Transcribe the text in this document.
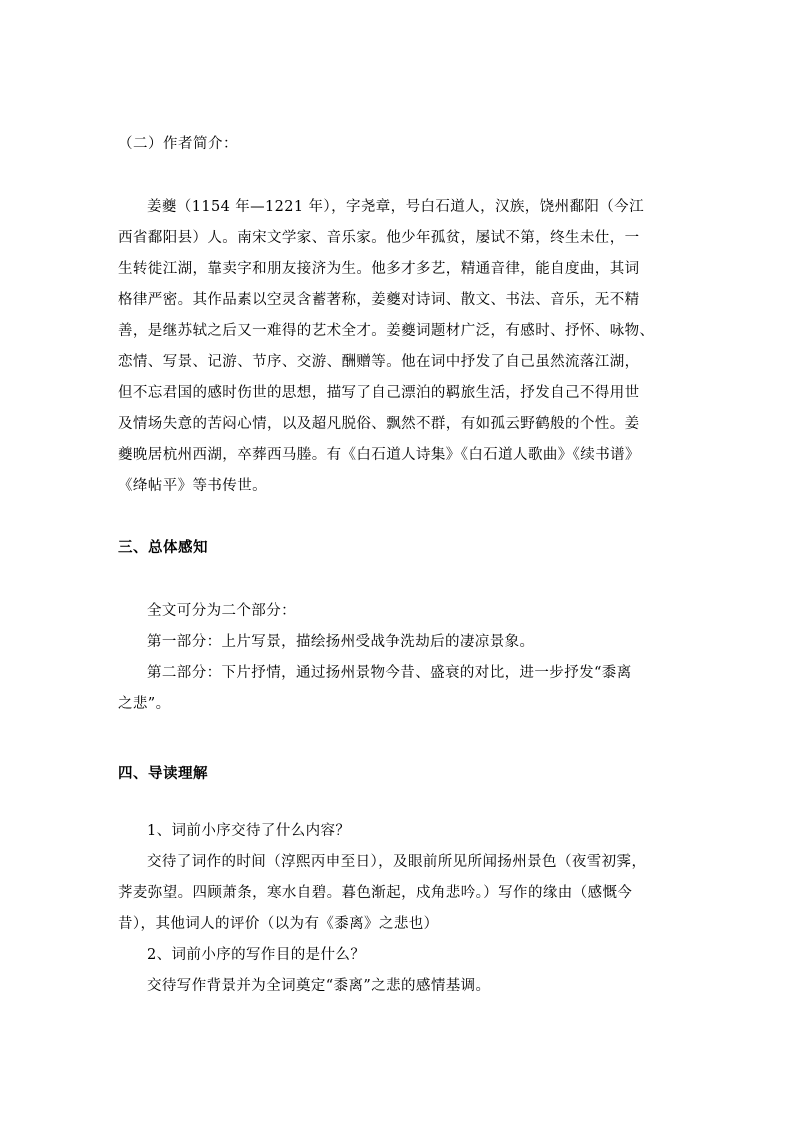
（二）作者简介：
姜夔（1154 年—1221 年），字尧章，号白石道人，汉族，饶州鄱阳（今江
西省鄱阳县）人。南宋文学家、音乐家。他少年孤贫，屡试不第，终生未仕，一
生转徙江湖，靠卖字和朋友接济为生。他多才多艺，精通音律，能自度曲，其词
格律严密。其作品素以空灵含蓄著称，姜夔对诗词、散文、书法、音乐，无不精
善，是继苏轼之后又一难得的艺术全才。姜夔词题材广泛，有感时、抒怀、咏物、
恋情、写景、记游、节序、交游、酬赠等。他在词中抒发了自己虽然流落江湖，
但不忘君国的感时伤世的思想，描写了自己漂泊的羁旅生活，抒发自己不得用世
及情场失意的苦闷心情，以及超凡脱俗、飘然不群，有如孤云野鹤般的个性。姜
夔晚居杭州西湖，卒葬西马塍。有《白石道人诗集》《白石道人歌曲》《续书谱》
《绛帖平》等书传世。
三、总体感知
全文可分为二个部分：
第一部分：上片写景，描绘扬州受战争洗劫后的凄凉景象。
第二部分：下片抒情，通过扬州景物今昔、盛衰的对比，进一步抒发“黍离
之悲”。
四、导读理解
1、词前小序交待了什么内容？
交待了词作的时间（淳熙丙申至日），及眼前所见所闻扬州景色（夜雪初霁，
荠麦弥望。四顾萧条，寒水自碧。暮色渐起，戍角悲吟。）写作的缘由（感慨今
昔），其他词人的评价（以为有《黍离》之悲也）
2、词前小序的写作目的是什么？
交待写作背景并为全词奠定“黍离”之悲的感情基调。
